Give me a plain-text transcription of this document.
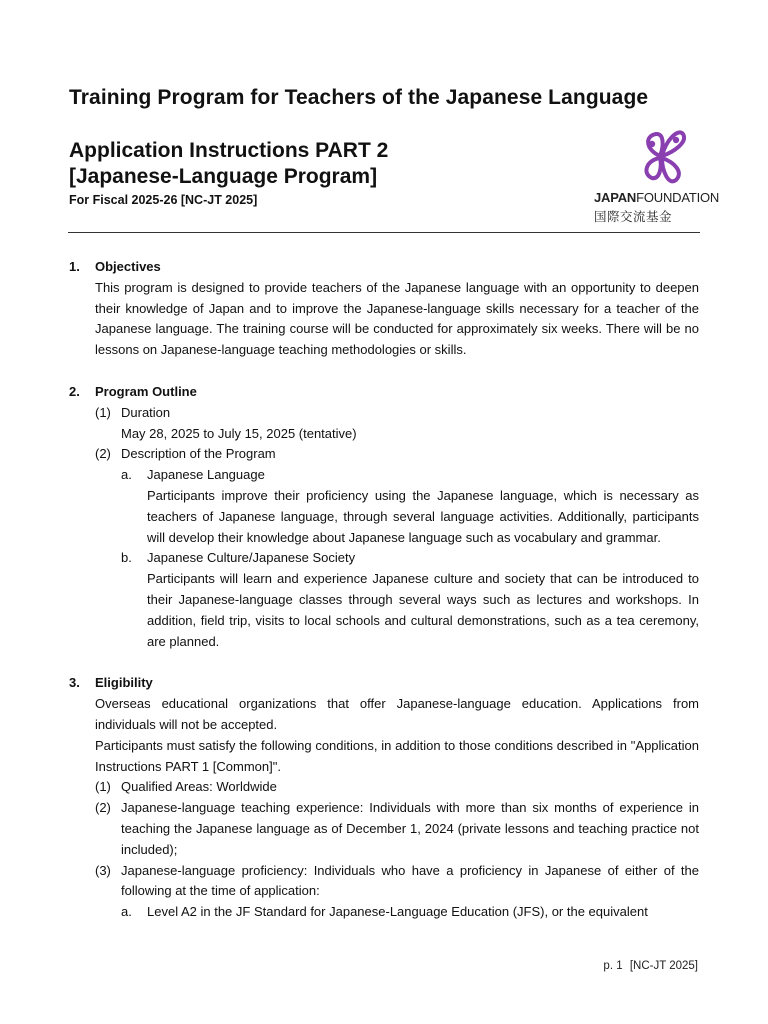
Training Program for Teachers of the Japanese Language
Application Instructions PART 2
[Japanese-Language Program]
For Fiscal 2025-26 [NC-JT 2025]	JAPANFOUNDATION
国際交流基金
1.	Objectives
This program is designed to provide teachers of the Japanese language with an opportunity to deepen their knowledge of Japan and to improve the Japanese-language skills necessary for a teacher of the Japanese language. The training course will be conducted for approximately six weeks. There will be no lessons on Japanese-language teaching methodologies or skills.
2.	Program Outline
(1) Duration
May 28, 2025 to July 15, 2025 (tentative)
(2) Description of the Program
a.	Japanese Language
Participants improve their proficiency using the Japanese language, which is necessary as teachers of Japanese language, through several language activities. Additionally, participants will develop their knowledge about Japanese language such as vocabulary and grammar.
b.	Japanese Culture/Japanese Society
Participants will learn and experience Japanese culture and society that can be introduced to their Japanese-language classes through several ways such as lectures and workshops. In addition, field trip, visits to local schools and cultural demonstrations, such as a tea ceremony, are planned.
3.	Eligibility
Overseas educational organizations that offer Japanese-language education. Applications from individuals will not be accepted.
Participants must satisfy the following conditions, in addition to those conditions described in "Application Instructions PART 1 [Common]".
(1) Qualified Areas: Worldwide
(2) Japanese-language teaching experience: Individuals with more than six months of experience in teaching the Japanese language as of December 1, 2024 (private lessons and teaching practice not included);
(3) Japanese-language proficiency: Individuals who have a proficiency in Japanese of either of the following at the time of application:
a.	Level A2 in the JF Standard for Japanese-Language Education (JFS), or the equivalent
p. 1 [NC-JT 2025]
